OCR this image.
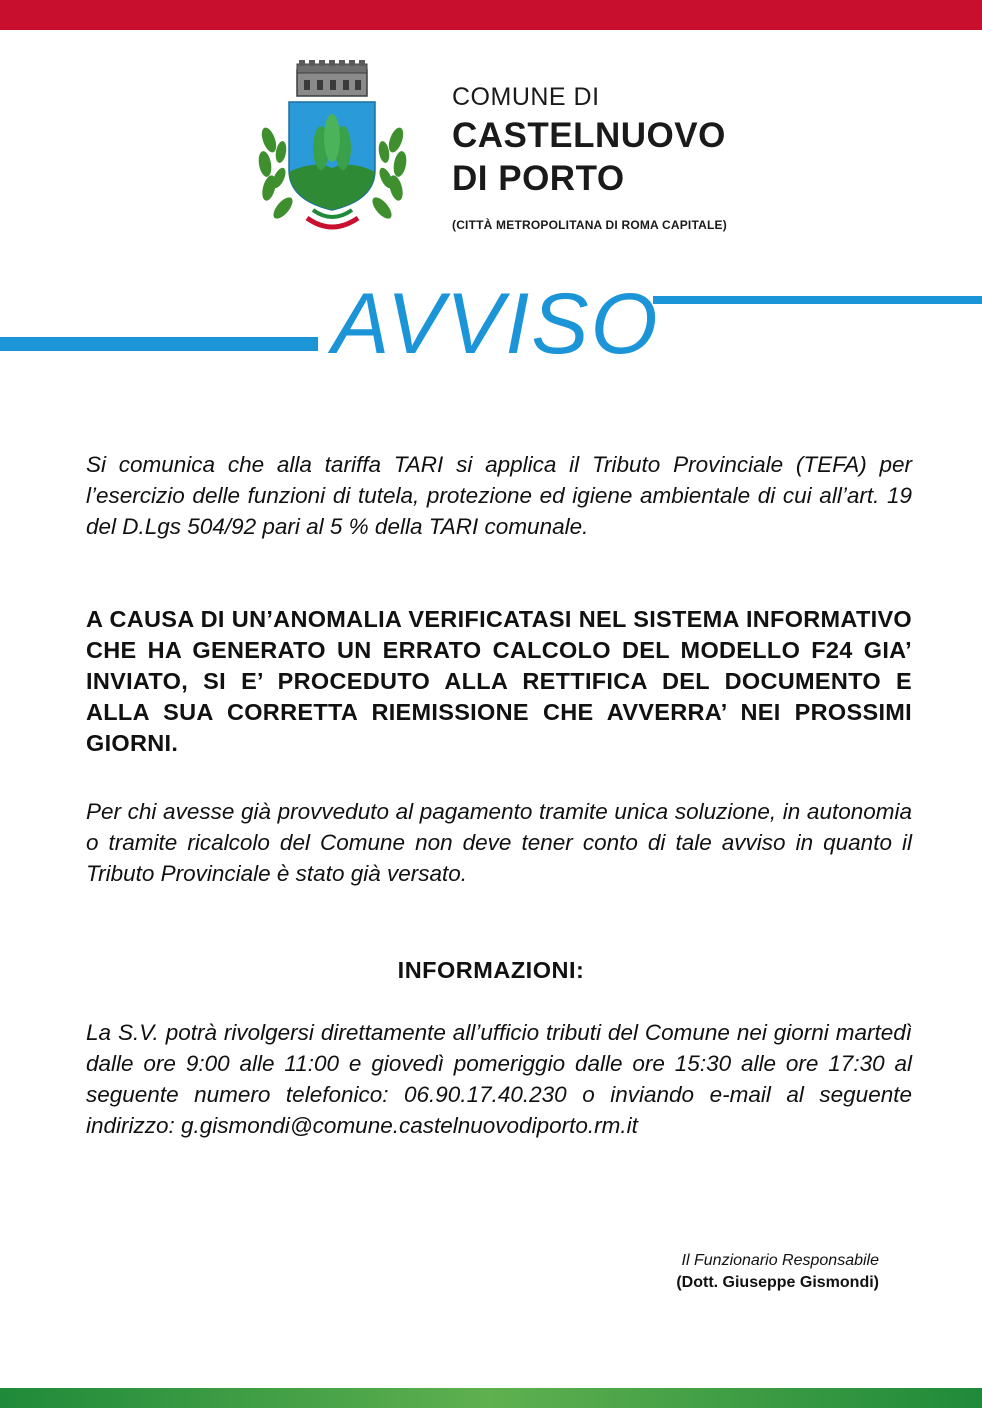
COMUNE DI
CASTELNUOVO
DI PORTO
(CITTÀ METROPOLITANA DI ROMA CAPITALE)
AVVISO

Si comunica che alla tariffa TARI si applica il Tributo Provinciale (TEFA) per l’esercizio delle funzioni di tutela, protezione ed igiene ambientale di cui all’art. 19 del D.Lgs 504/92 pari al 5 % della TARI comunale.

A CAUSA DI UN’ANOMALIA VERIFICATASI NEL SISTEMA INFORMATIVO CHE HA GENERATO UN ERRATO CALCOLO DEL MODELLO F24 GIA’ INVIATO, SI E’ PROCEDUTO ALLA RETTIFICA DEL DOCUMENTO E ALLA SUA CORRETTA RIEMISSIONE CHE AVVERRA’ NEI PROSSIMI GIORNI.

Per chi avesse già provveduto al pagamento tramite unica soluzione, in autonomia o tramite ricalcolo del Comune non deve tener conto di tale avviso in quanto il Tributo Provinciale è stato già versato.

INFORMAZIONI:

La S.V. potrà rivolgersi direttamente all’ufficio tributi del Comune nei giorni martedì dalle ore 9:00 alle 11:00 e giovedì pomeriggio dalle ore 15:30 alle ore 17:30 al seguente numero telefonico: 06.90.17.40.230 o inviando e-mail al seguente indirizzo: g.gismondi@comune.castelnuovodiporto.rm.it

Il Funzionario Responsabile
(Dott. Giuseppe Gismondi)
